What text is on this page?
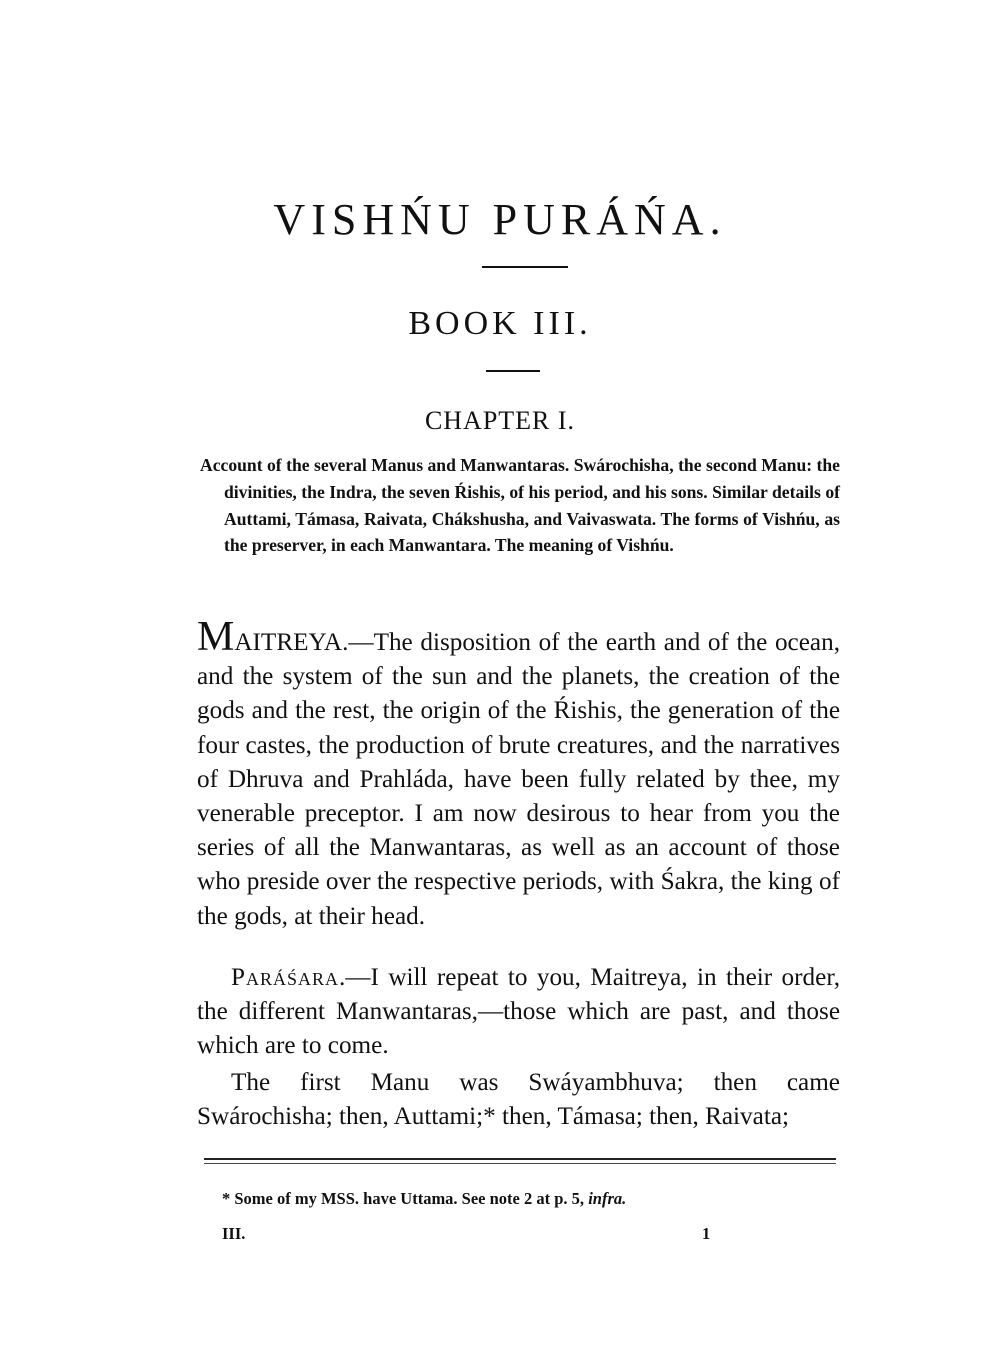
VISHŃU PURÁŃA.
BOOK III.
CHAPTER I.
Account of the several Manus and Manwantaras. Swárochisha, the second Manu: the divinities, the Indra, the seven Ŕishis, of his period, and his sons. Similar details of Auttami, Támasa, Raivata, Chákshusha, and Vaivaswata. The forms of Vishńu, as the preserver, in each Manwantara. The meaning of Vishńu.

MAITREYA.—The disposition of the earth and of the ocean, and the system of the sun and the planets, the creation of the gods and the rest, the origin of the Ŕishis, the generation of the four castes, the production of brute creatures, and the narratives of Dhruva and Prahláda, have been fully related by thee, my venerable preceptor. I am now desirous to hear from you the series of all the Manwantaras, as well as an account of those who preside over the respective periods, with Śakra, the king of the gods, at their head.

Paráśara.—I will repeat to you, Maitreya, in their order, the different Manwantaras,—those which are past, and those which are to come.

The first Manu was Swáyambhuva; then came Swárochisha; then, Auttami;* then, Támasa; then, Raivata;

* Some of my MSS. have Uttama. See note 2 at p. 5, infra.
III.	1
